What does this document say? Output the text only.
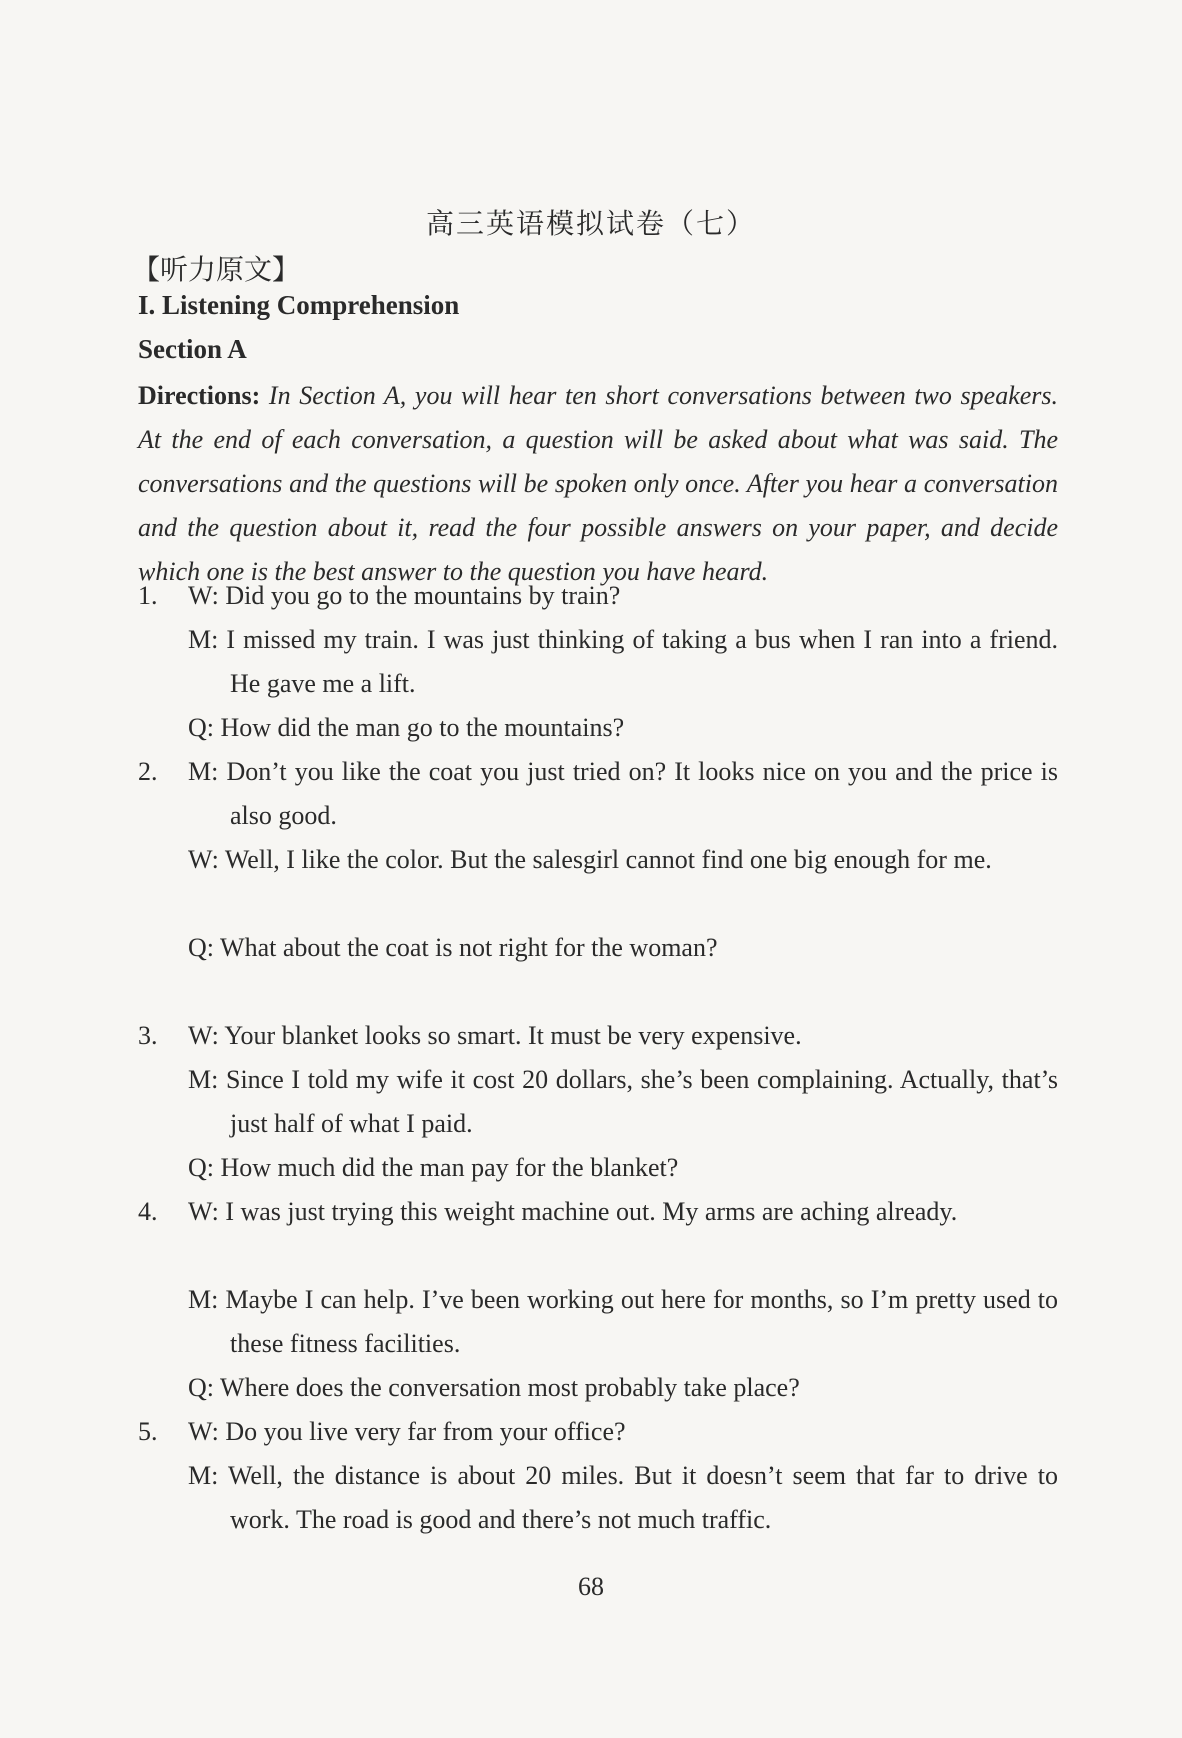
高三英语模拟试卷（七）
【听力原文】
I. Listening Comprehension
Section A
Directions: In Section A, you will hear ten short conversations between two speakers. At the end of each conversation, a question will be asked about what was said. The conversations and the questions will be spoken only once. After you hear a conversation and the question about it, read the four possible answers on your paper, and decide which one is the best answer to the question you have heard.
1. W: Did you go to the mountains by train?
M: I missed my train. I was just thinking of taking a bus when I ran into a friend. He gave me a lift.
Q: How did the man go to the mountains?
2. M: Don’t you like the coat you just tried on? It looks nice on you and the price is also good.
W: Well, I like the color. But the salesgirl cannot find one big enough for me.
Q: What about the coat is not right for the woman?
3. W: Your blanket looks so smart. It must be very expensive.
M: Since I told my wife it cost 20 dollars, she’s been complaining. Actually, that’s just half of what I paid.
Q: How much did the man pay for the blanket?
4. W: I was just trying this weight machine out. My arms are aching already.
M: Maybe I can help. I’ve been working out here for months, so I’m pretty used to these fitness facilities.
Q: Where does the conversation most probably take place?
5. W: Do you live very far from your office?
M: Well, the distance is about 20 miles. But it doesn’t seem that far to drive to work. The road is good and there’s not much traffic.
68
